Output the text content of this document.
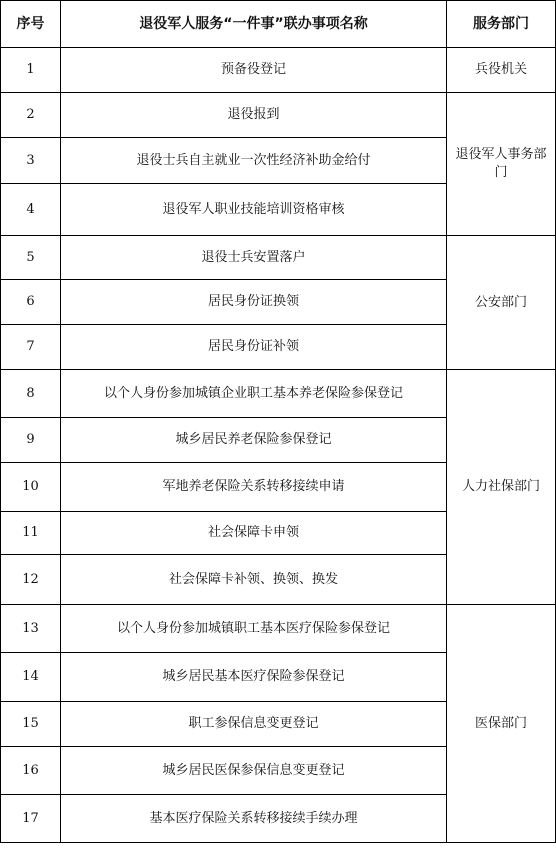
序号	退役军人服务“一件事”联办事项名称	服务部门
1	预备役登记	兵役机关
2	退役报到	退役军人事务部门
3	退役士兵自主就业一次性经济补助金给付	
4	退役军人职业技能培训资格审核	
5	退役士兵安置落户	公安部门
6	居民身份证换领	
7	居民身份证补领	
8	以个人身份参加城镇企业职工基本养老保险参保登记	人力社保部门
9	城乡居民养老保险参保登记	
10	军地养老保险关系转移接续申请	
11	社会保障卡申领	
12	社会保障卡补领、换领、换发	
13	以个人身份参加城镇职工基本医疗保险参保登记	医保部门
14	城乡居民基本医疗保险参保登记	
15	职工参保信息变更登记	
16	城乡居民医保参保信息变更登记	
17	基本医疗保险关系转移接续手续办理	
